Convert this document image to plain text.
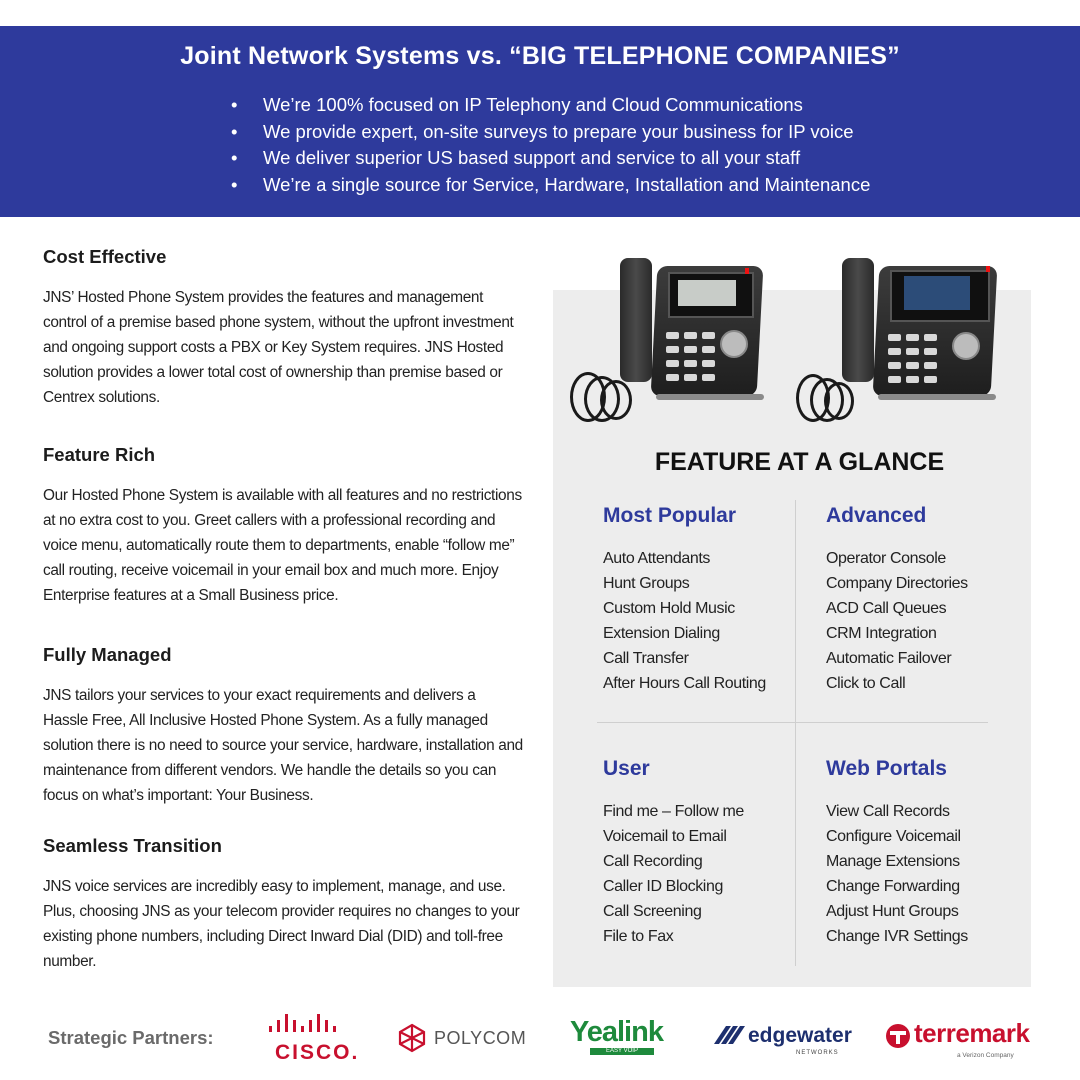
Joint Network Systems vs. “BIG TELEPHONE COMPANIES”
• We’re 100% focused on IP Telephony and Cloud Communications
• We provide expert, on-site surveys to prepare your business for IP voice
• We deliver superior US based support and service to all your staff
• We’re a single source for Service, Hardware, Installation and Maintenance
Cost Effective

JNS’ Hosted Phone System provides the features and management control of a premise based phone system, without the upfront investment and ongoing support costs a PBX or Key System requires. JNS Hosted solution provides a lower total cost of ownership than premise based or Centrex solutions.

Feature Rich

Our Hosted Phone System is available with all features and no restrictions at no extra cost to you. Greet callers with a professional recording and voice menu, automatically route them to departments, enable “follow me” call routing, receive voicemail in your email box and much more. Enjoy Enterprise features at a Small Business price.

Fully Managed

JNS tailors your services to your exact requirements and delivers a Hassle Free, All Inclusive Hosted Phone System. As a fully managed solution there is no need to source your service, hardware, installation and maintenance from different vendors. We handle the details so you can focus on what’s important: Your Business.

Seamless Transition

JNS voice services are incredibly easy to implement, manage, and use. Plus, choosing JNS as your telecom provider requires no changes to your existing phone numbers, including Direct Inward Dial (DID) and toll-free number.

FEATURE AT A GLANCE
Most Popular
Auto Attendants
Hunt Groups
Custom Hold Music
Extension Dialing
Call Transfer
After Hours Call Routing
Advanced
Operator Console
Company Directories
ACD Call Queues
CRM Integration
Automatic Failover
Click to Call
User
Find me – Follow me
Voicemail to Email
Call Recording
Caller ID Blocking
Call Screening
File to Fax
Web Portals
View Call Records
Configure Voicemail
Manage Extensions
Change Forwarding
Adjust Hunt Groups
Change IVR Settings
Strategic Partners:
CISCO.
POLYCOM Yealink
EASY VOIP
edgewater
NETWORKS
terremark
a Verizon Company
